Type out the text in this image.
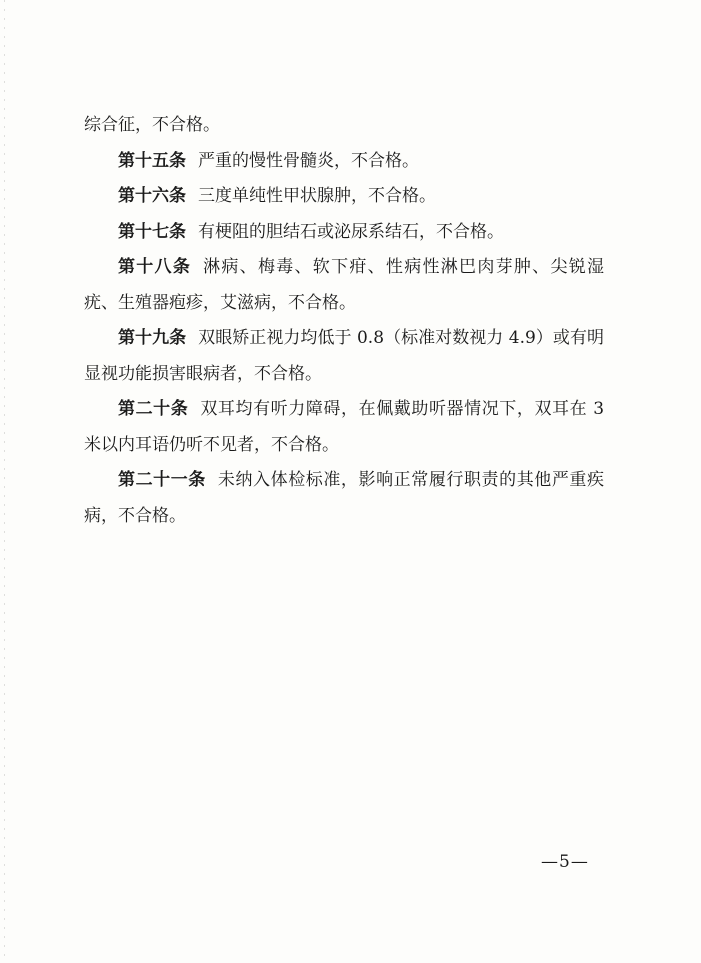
综合征，不合格。

第十五条 严重的慢性骨髓炎，不合格。

第十六条 三度单纯性甲状腺肿，不合格。

第十七条 有梗阻的胆结石或泌尿系结石，不合格。

第十八条 淋病、梅毒、软下疳、性病性淋巴肉芽肿、尖锐湿疣、生殖器疱疹，艾滋病，不合格。

第十九条 双眼矫正视力均低于 0.8（标准对数视力 4.9）或有明显视功能损害眼病者，不合格。

第二十条 双耳均有听力障碍，在佩戴助听器情况下，双耳在 3 米以内耳语仍听不见者，不合格。

第二十一条 未纳入体检标准，影响正常履行职责的其他严重疾病，不合格。

—5—
